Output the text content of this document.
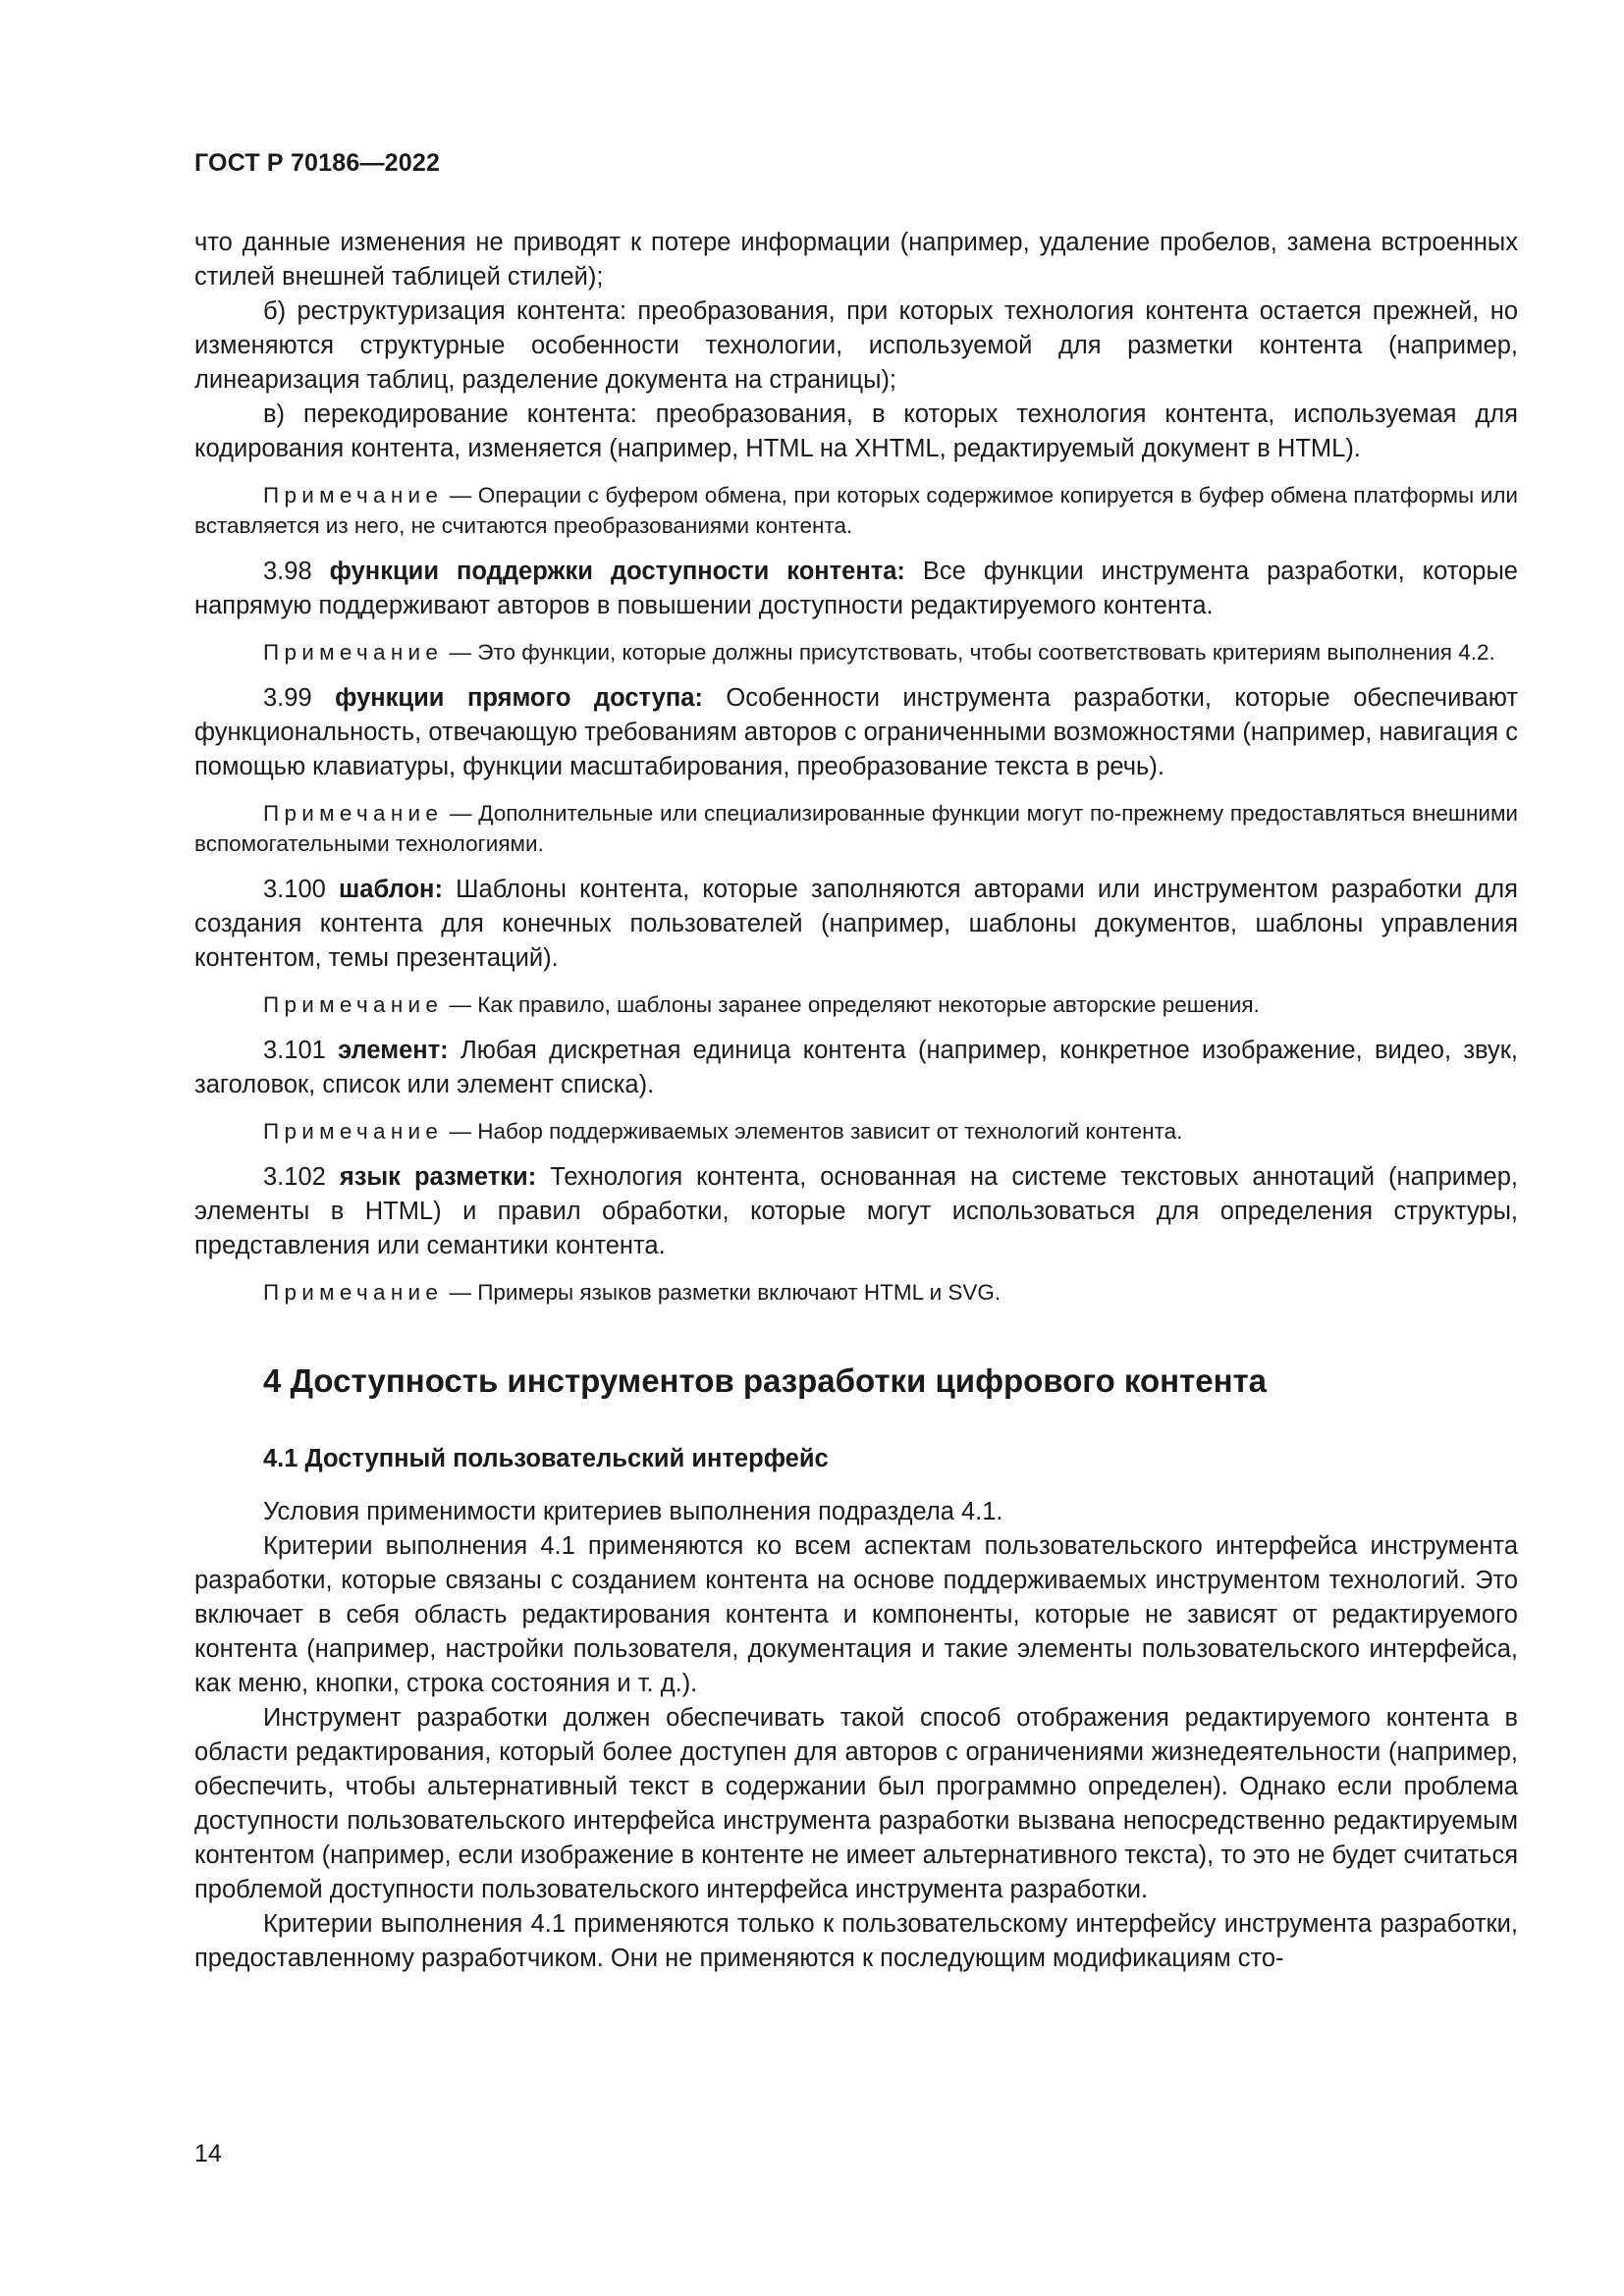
ГОСТ Р 70186—2022

что данные изменения не приводят к потере информации (например, удаление пробелов, замена встроенных стилей внешней таблицей стилей);

б) реструктуризация контента: преобразования, при которых технология контента остается прежней, но изменяются структурные особенности технологии, используемой для разметки контента (например, линеаризация таблиц, разделение документа на страницы);

в) перекодирование контента: преобразования, в которых технология контента, используемая для кодирования контента, изменяется (например, HTML на XHTML, редактируемый документ в HTML).

Примечание — Операции с буфером обмена, при которых содержимое копируется в буфер обмена платформы или вставляется из него, не считаются преобразованиями контента.

3.98 функции поддержки доступности контента: Все функции инструмента разработки, которые напрямую поддерживают авторов в повышении доступности редактируемого контента.

Примечание — Это функции, которые должны присутствовать, чтобы соответствовать критериям выполнения 4.2.

3.99 функции прямого доступа: Особенности инструмента разработки, которые обеспечивают функциональность, отвечающую требованиям авторов с ограниченными возможностями (например, навигация с помощью клавиатуры, функции масштабирования, преобразование текста в речь).

Примечание — Дополнительные или специализированные функции могут по-прежнему предоставляться внешними вспомогательными технологиями.

3.100 шаблон: Шаблоны контента, которые заполняются авторами или инструментом разработки для создания контента для конечных пользователей (например, шаблоны документов, шаблоны управления контентом, темы презентаций).

Примечание — Как правило, шаблоны заранее определяют некоторые авторские решения.

3.101 элемент: Любая дискретная единица контента (например, конкретное изображение, видео, звук, заголовок, список или элемент списка).

Примечание — Набор поддерживаемых элементов зависит от технологий контента.

3.102 язык разметки: Технология контента, основанная на системе текстовых аннотаций (например, элементы в HTML) и правил обработки, которые могут использоваться для определения структуры, представления или семантики контента.

Примечание — Примеры языков разметки включают HTML и SVG.

4 Доступность инструментов разработки цифрового контента
4.1 Доступный пользовательский интерфейс

Условия применимости критериев выполнения подраздела 4.1.

Критерии выполнения 4.1 применяются ко всем аспектам пользовательского интерфейса инструмента разработки, которые связаны с созданием контента на основе поддерживаемых инструментом технологий. Это включает в себя область редактирования контента и компоненты, которые не зависят от редактируемого контента (например, настройки пользователя, документация и такие элементы пользовательского интерфейса, как меню, кнопки, строка состояния и т. д.).

Инструмент разработки должен обеспечивать такой способ отображения редактируемого контента в области редактирования, который более доступен для авторов с ограничениями жизнедеятельности (например, обеспечить, чтобы альтернативный текст в содержании был программно определен). Однако если проблема доступности пользовательского интерфейса инструмента разработки вызвана непосредственно редактируемым контентом (например, если изображение в контенте не имеет альтернативного текста), то это не будет считаться проблемой доступности пользовательского интерфейса инструмента разработки.

Критерии выполнения 4.1 применяются только к пользовательскому интерфейсу инструмента разработки, предоставленному разработчиком. Они не применяются к последующим модификациям сто-

14
